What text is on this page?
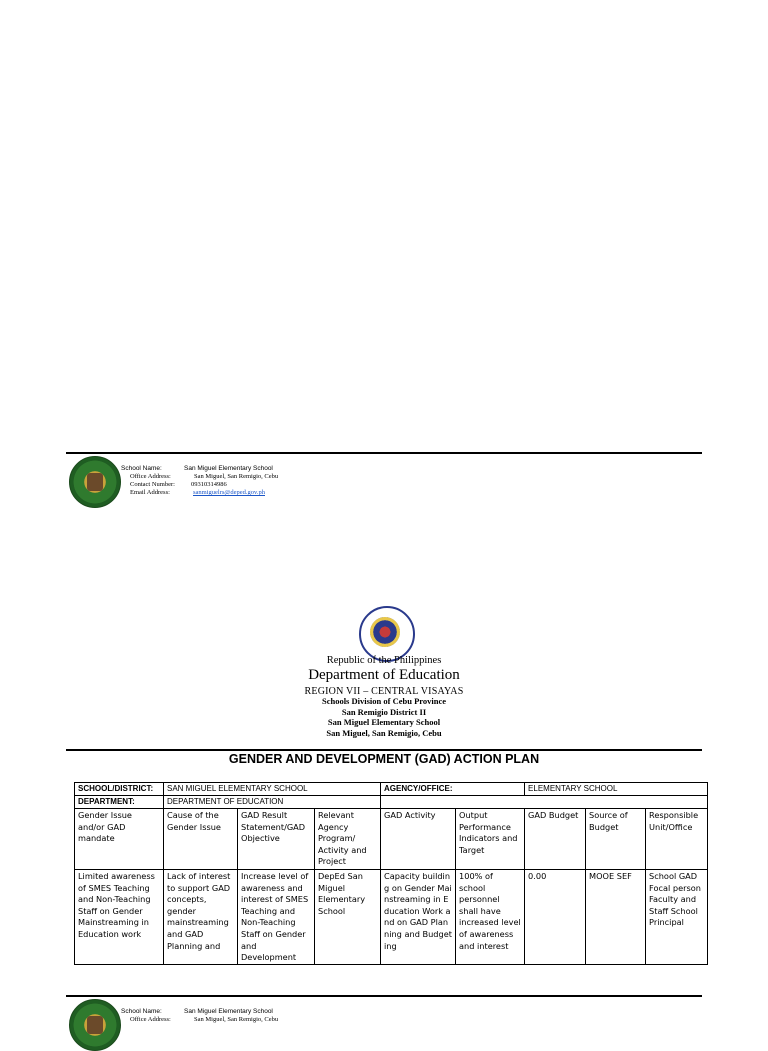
School Name:	San Miguel Elementary School
Office Address:	San Miguel, San Remigio, Cebu
Contact Number:	09310314986
Email Address:	sanmiguelrs@deped.gov.ph
Republic of the Philippines
Department of Education
REGION VII – CENTRAL VISAYAS
Schools Division of Cebu Province
San Remigio District II
San Miguel Elementary School
San Miguel, San Remigio, Cebu
GENDER AND DEVELOPMENT (GAD) ACTION PLAN
SCHOOL/DISTRICT:	SAN MIGUEL ELEMENTARY SCHOOL			AGENCY/OFFICE:		ELEMENTARY SCHOOL		
DEPARTMENT:	DEPARTMENT OF EDUCATION							
Gender Issue and/or GAD mandate	Cause of the Gender Issue	GAD Result Statement/GAD Objective	Relevant Agency Program/ Activity and Project	GAD Activity	Output Performance Indicators and Target	GAD Budget	Source of Budget	Responsible Unit/Office

Limited awareness of SMES Teaching and Non-Teaching Staff on Gender Mainstreaming in Education work	Lack of interest to support GAD concepts, gender mainstreaming and GAD Planning and	Increase level of awareness and interest of SMES Teaching and Non-Teaching Staff on Gender and Development	DepEd San Miguel Elementary School	Capacity building on Gender Mainstreaming in Education Work and on GAD Planning and Budgeting	100% of school personnel shall have increased level of awareness and interest	0.00	MOOE SEF	School GAD Focal person Faculty and Staff School Principal
School Name:	San Miguel Elementary School
Office Address:	San Miguel, San Remigio, Cebu
